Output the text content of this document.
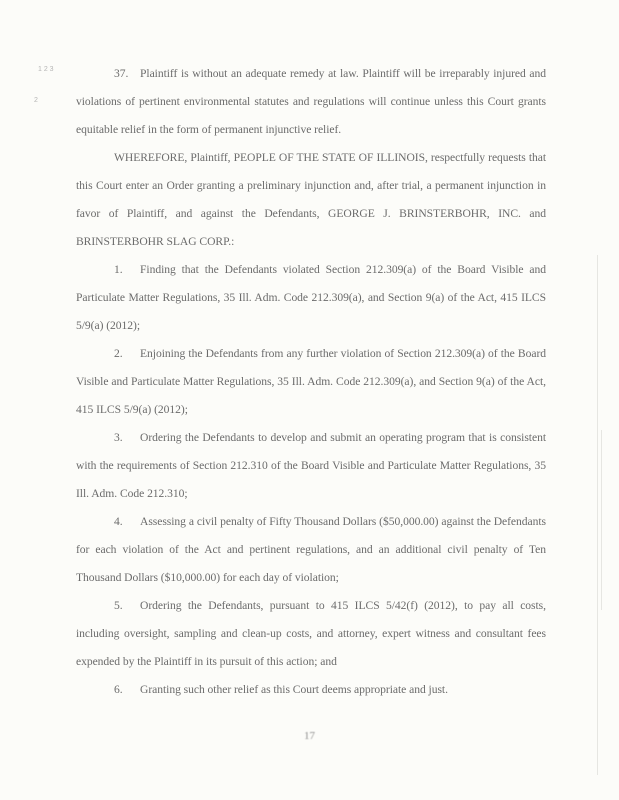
1 2 3
2

37. Plaintiff is without an adequate remedy at law. Plaintiff will be irreparably injured and violations of pertinent environmental statutes and regulations will continue unless this Court grants equitable relief in the form of permanent injunctive relief.

WHEREFORE, Plaintiff, PEOPLE OF THE STATE OF ILLINOIS, respectfully requests that this Court enter an Order granting a preliminary injunction and, after trial, a permanent injunction in favor of Plaintiff, and against the Defendants, GEORGE J. BRINSTERBOHR, INC. and BRINSTERBOHR SLAG CORP.:

1. Finding that the Defendants violated Section 212.309(a) of the Board Visible and Particulate Matter Regulations, 35 Ill. Adm. Code 212.309(a), and Section 9(a) of the Act, 415 ILCS 5/9(a) (2012);

2. Enjoining the Defendants from any further violation of Section 212.309(a) of the Board Visible and Particulate Matter Regulations, 35 Ill. Adm. Code 212.309(a), and Section 9(a) of the Act, 415 ILCS 5/9(a) (2012);

3. Ordering the Defendants to develop and submit an operating program that is consistent with the requirements of Section 212.310 of the Board Visible and Particulate Matter Regulations, 35 Ill. Adm. Code 212.310;

4. Assessing a civil penalty of Fifty Thousand Dollars ($50,000.00) against the Defendants for each violation of the Act and pertinent regulations, and an additional civil penalty of Ten Thousand Dollars ($10,000.00) for each day of violation;

5. Ordering the Defendants, pursuant to 415 ILCS 5/42(f) (2012), to pay all costs, including oversight, sampling and clean-up costs, and attorney, expert witness and consultant fees expended by the Plaintiff in its pursuit of this action; and

6. Granting such other relief as this Court deems appropriate and just.

17
